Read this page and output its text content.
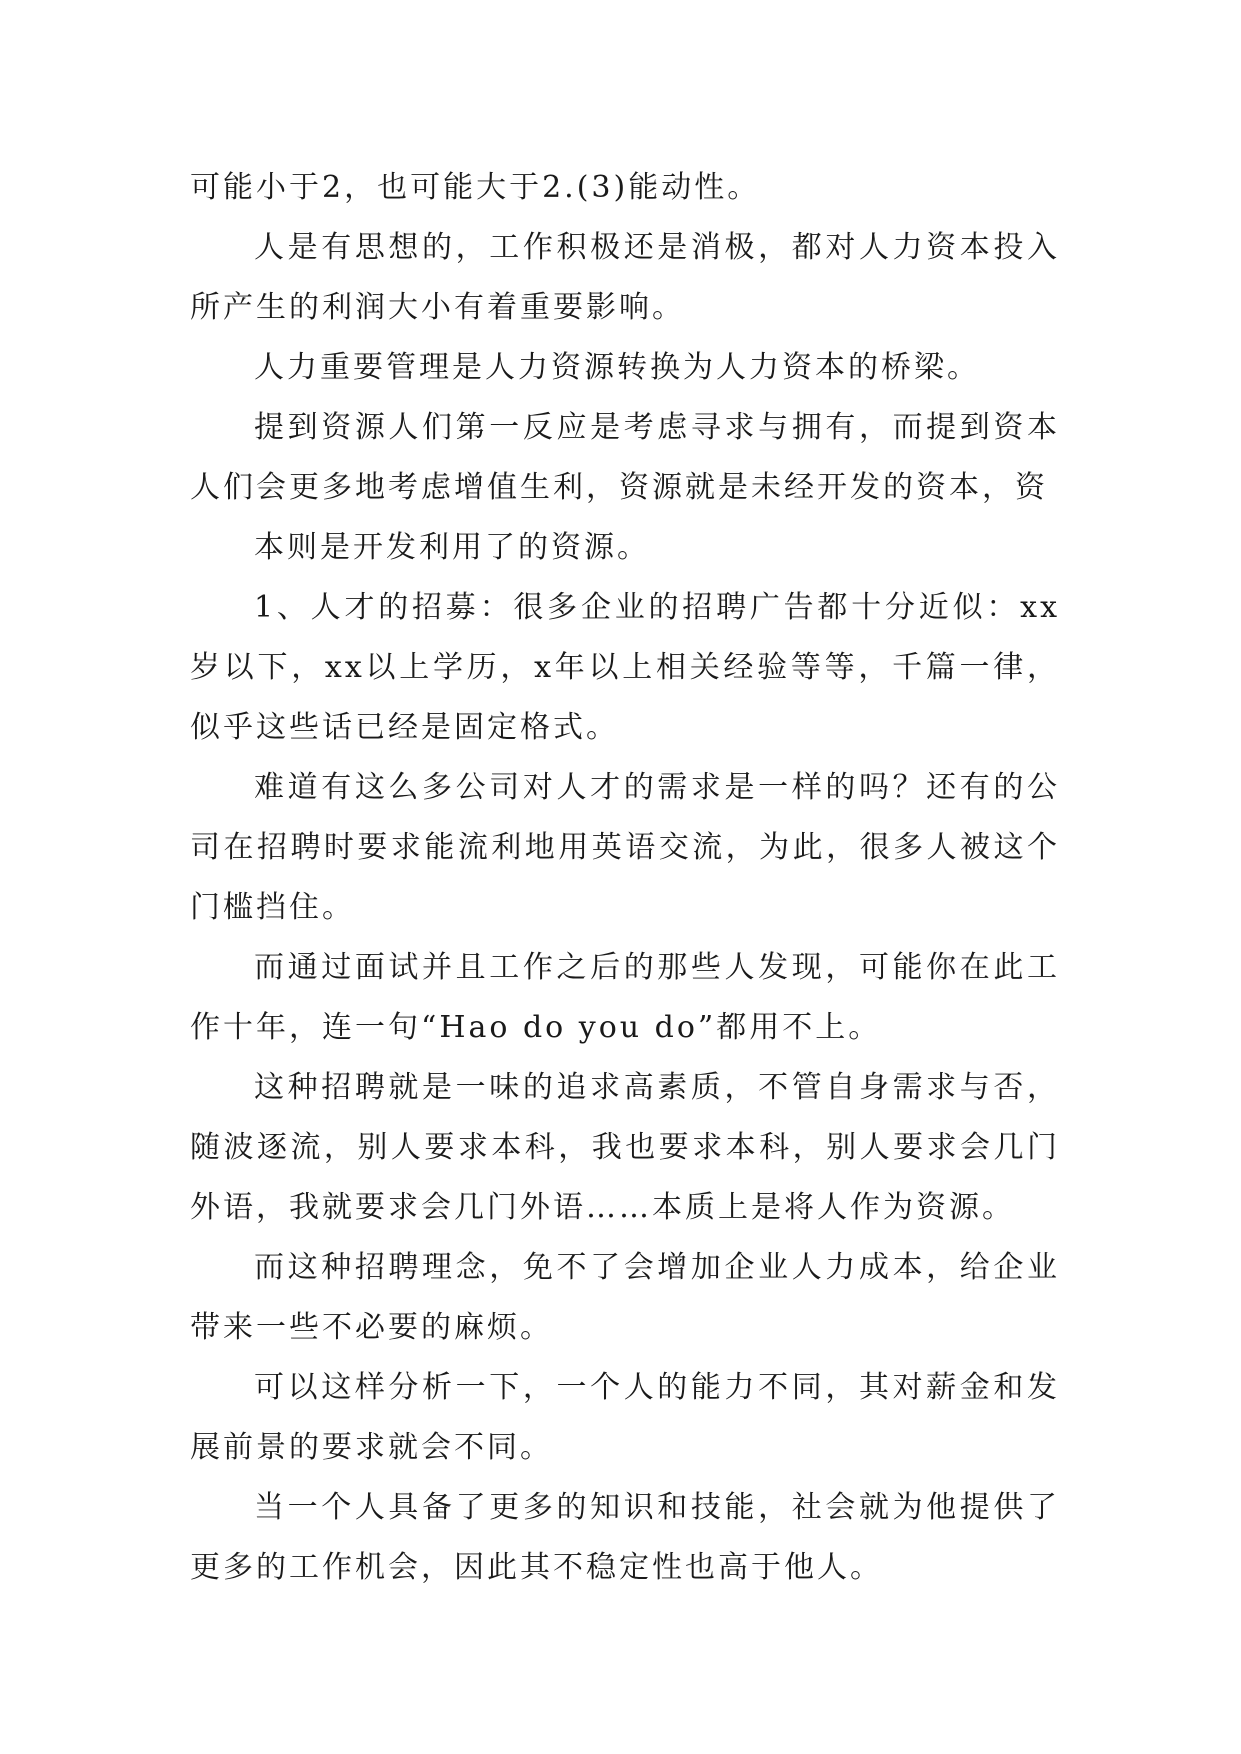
可能小于2，也可能大于2.(3)能动性。

人是有思想的，工作积极还是消极，都对人力资本投入所产生的利润大小有着重要影响。

人力重要管理是人力资源转换为人力资本的桥梁。

提到资源人们第一反应是考虑寻求与拥有，而提到资本人们会更多地考虑增值生利，资源就是未经开发的资本，资

本则是开发利用了的资源。

1、人才的招募：很多企业的招聘广告都十分近似：xx岁以下，xx以上学历，x年以上相关经验等等，千篇一律，似乎这些话已经是固定格式。

难道有这么多公司对人才的需求是一样的吗？还有的公司在招聘时要求能流利地用英语交流，为此，很多人被这个门槛挡住。

而通过面试并且工作之后的那些人发现，可能你在此工作十年，连一句“Hao do you do”都用不上。

这种招聘就是一味的追求高素质，不管自身需求与否，随波逐流，别人要求本科，我也要求本科，别人要求会几门外语，我就要求会几门外语……本质上是将人作为资源。

而这种招聘理念，免不了会增加企业人力成本，给企业带来一些不必要的麻烦。

可以这样分析一下，一个人的能力不同，其对薪金和发展前景的要求就会不同。

当一个人具备了更多的知识和技能，社会就为他提供了更多的工作机会，因此其不稳定性也高于他人。
